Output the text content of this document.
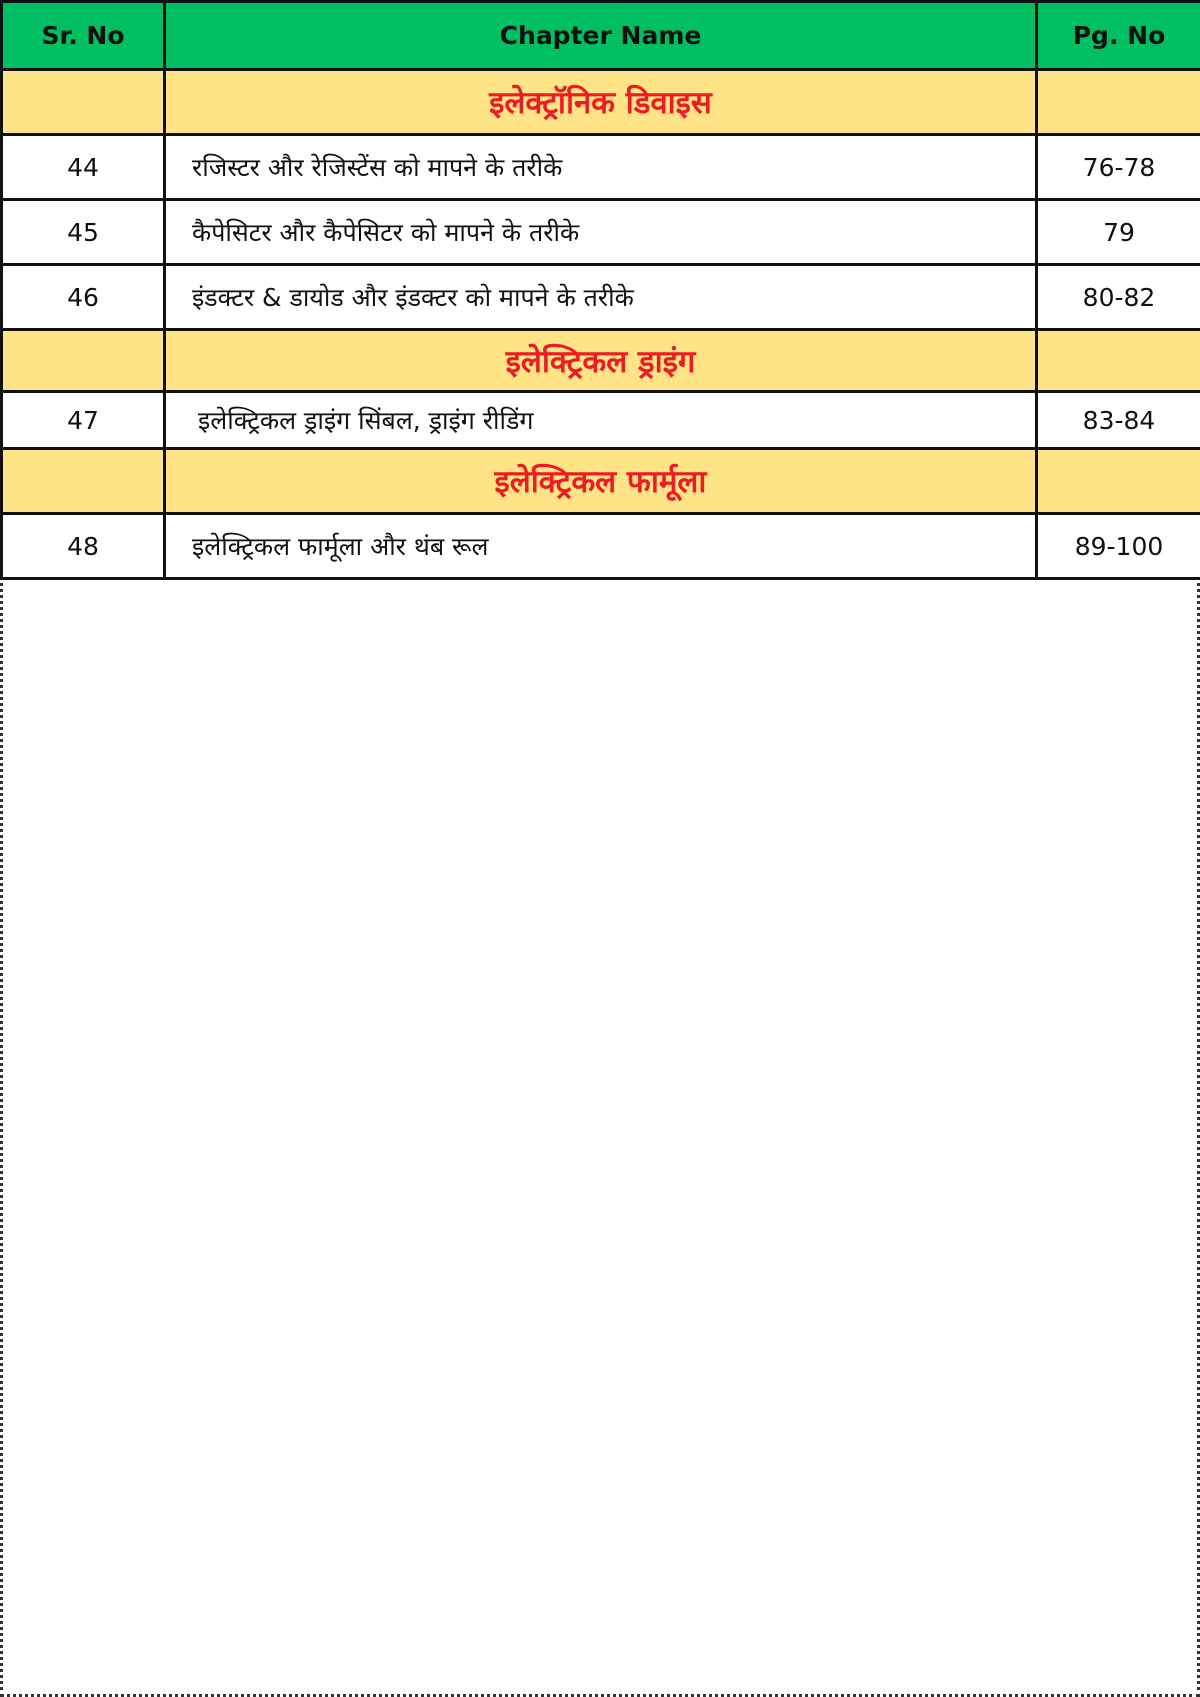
Sr. No	Chapter Name	Pg. No
	इलेक्ट्रॉनिक डिवाइस	
44	रजिस्टर और रेजिस्टेंस को मापने के तरीके	76-78
45	कैपेसिटर और कैपेसिटर को मापने के तरीके	79
46	इंडक्टर & डायोड और इंडक्टर को मापने के तरीके	80-82
	इलेक्ट्रिकल ड्राइंग	
47	इलेक्ट्रिकल ड्राइंग सिंबल, ड्राइंग रीडिंग	83-84
	इलेक्ट्रिकल फार्मूला	
48	इलेक्ट्रिकल फार्मूला और थंब रूल	89-100
